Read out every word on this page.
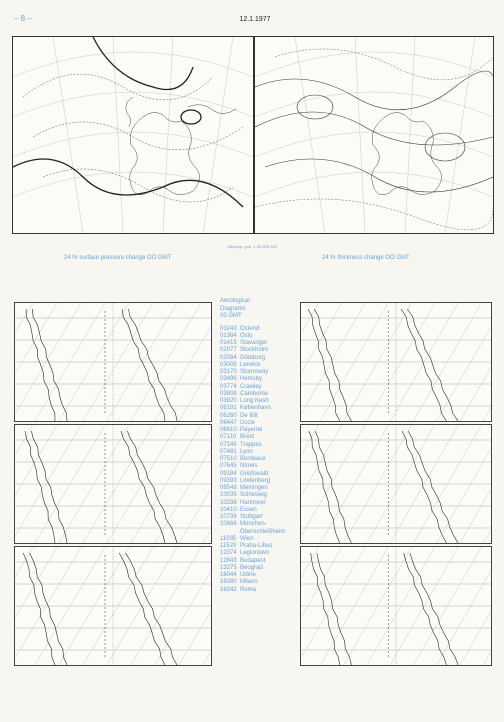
– 8 –	12.1.1977
Stereogr. proj. 1:40 000 000
24 hr surface pressure change OO GMT	24 hr thickness change OO GMT
Aerological
Diagrams
00 GMT
03243 Ostend
01384 Oslo
01415 Stavanger
02077 Stockholm
02084 Göteborg
03005 Lerwick
03170 Stornoway
03496 Hemsby
03774 Crawley
03808 Camborne
03920 Long Kesh
06181 København
06260 De Bilt
06447 Uccle
06610 Payerne
07110 Brest
07145 Trappes
07481 Lyon
07510 Bordeaux
07645 Nîmes
09184 Greifswald
09393 Lindenberg
09548 Meiningen
10035 Schleswig
10338 Hannover
10410 Essen
10739 Stuttgart
10868 München-
Oberschleißheim
11035 Wien
11520 Praha-Libus
12374 Legionowo
12843 Budapest
13275 Beograd
16044 Udine
16080 Milano
16242 Roma
